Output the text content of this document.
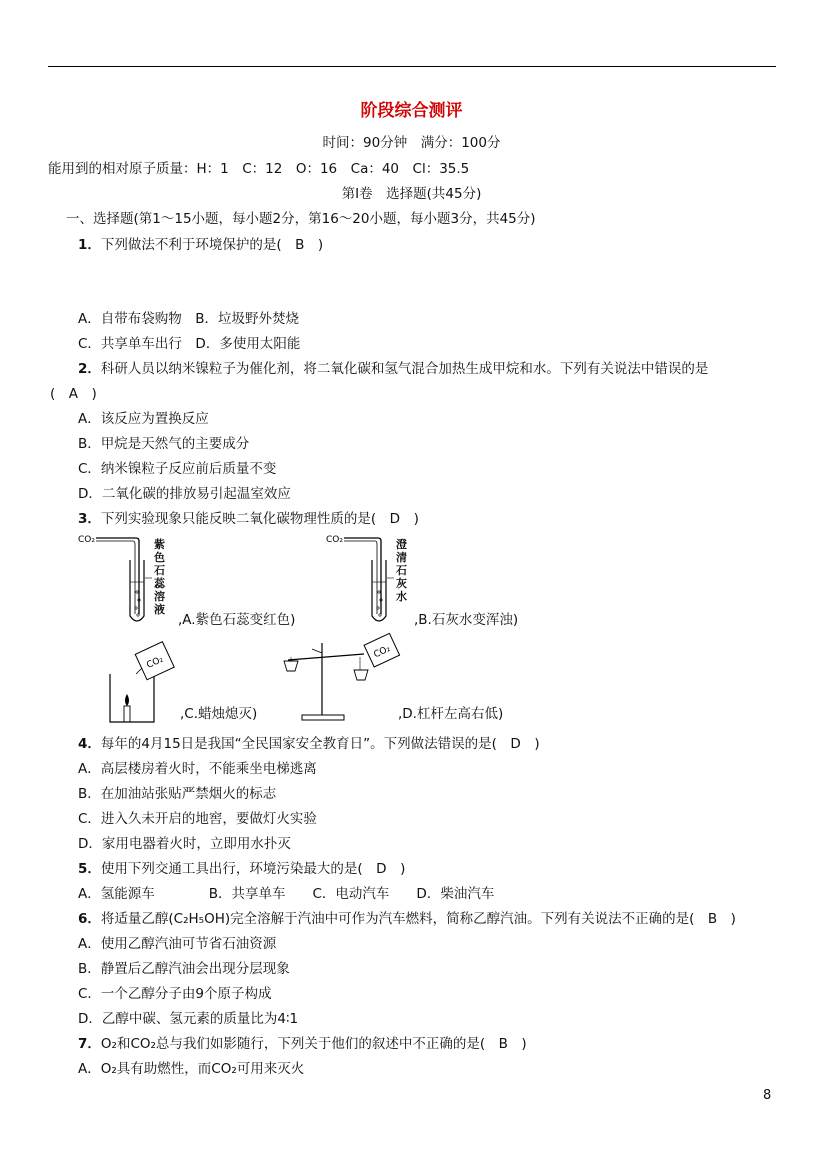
阶段综合测评
时间：90分钟　满分：100分
能用到的相对原子质量：H：1　C：12　O：16　Ca：40　Cl：35.5
第Ⅰ卷　选择题(共45分)
一、选择题(第1～15小题，每小题2分，第16～20小题，每小题3分，共45分)
1．下列做法不利于环境保护的是(　B　)
A．自带布袋购物　B．垃圾野外焚烧
C．共享单车出行　D．多使用太阳能
2．科研人员以纳米镍粒子为催化剂，将二氧化碳和氢气混合加热生成甲烷和水。下列有关说法中错误的是
(　A　)
A．该反应为置换反应
B．甲烷是天然气的主要成分
C．纳米镍粒子反应前后质量不变
D．二氧化碳的排放易引起温室效应
3．下列实验现象只能反映二氧化碳物理性质的是(　D　)
CO₂	紫色石蕊溶液
,A.紫色石蕊变红色)
CO₂	澄清石灰水
,B.石灰水变浑浊)
CO₂
,C.蜡烛熄灭)
CO₂
,D.杠杆左高右低)
4．每年的4月15日是我国“全民国家安全教育日”。下列做法错误的是(　D　)
A．高层楼房着火时，不能乘坐电梯逃离
B．在加油站张贴严禁烟火的标志
C．进入久未开启的地窖，要做灯火实验
D．家用电器着火时，立即用水扑灭
5．使用下列交通工具出行，环境污染最大的是(　D　)
A．氢能源车　　　　B．共享单车　　C．电动汽车　　D．柴油汽车
6．将适量乙醇(C₂H₅OH)完全溶解于汽油中可作为汽车燃料，简称乙醇汽油。下列有关说法不正确的是(　B　)
A．使用乙醇汽油可节省石油资源
B．静置后乙醇汽油会出现分层现象
C．一个乙醇分子由9个原子构成
D．乙醇中碳、氢元素的质量比为4∶1
7．O₂和CO₂总与我们如影随行，下列关于他们的叙述中不正确的是(　B　)
A．O₂具有助燃性，而CO₂可用来灭火
8
